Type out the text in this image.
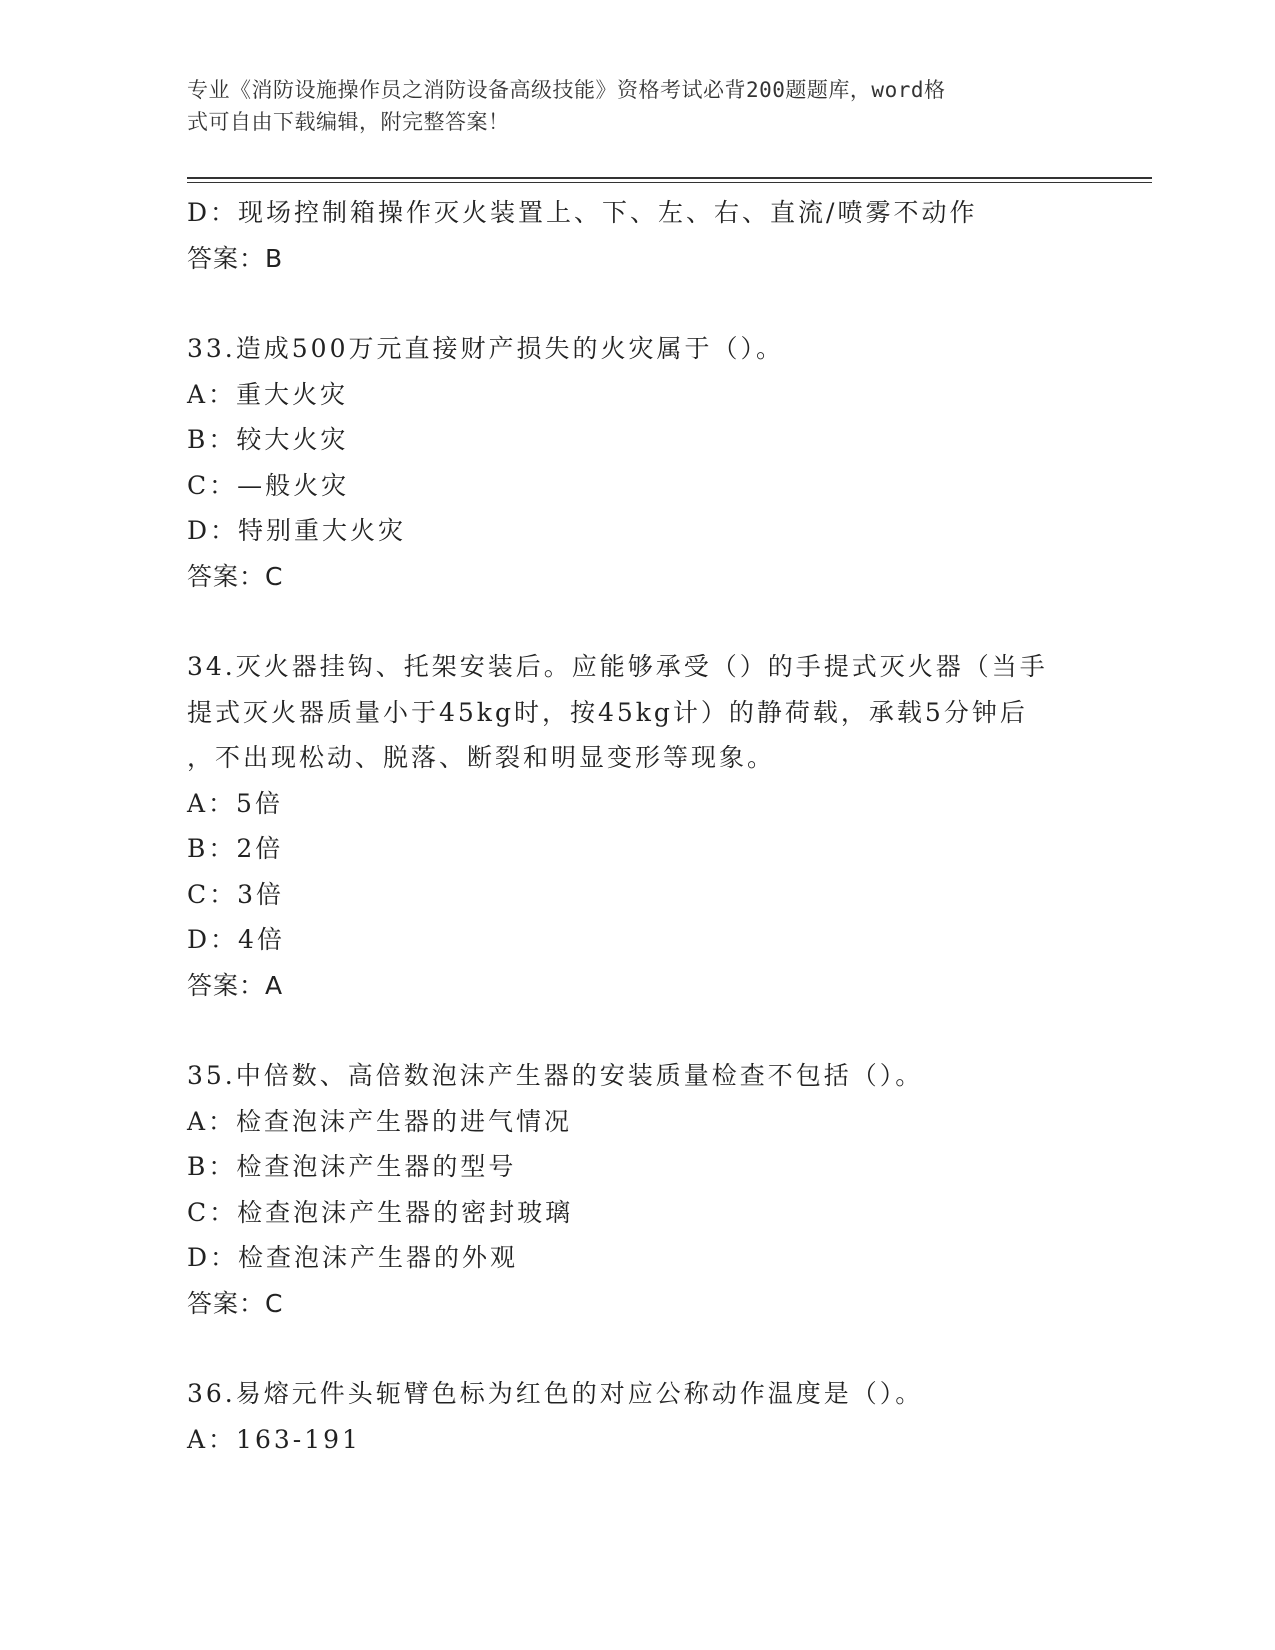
专业《消防设施操作员之消防设备高级技能》资格考试必背200题题库，word格
式可自由下载编辑，附完整答案！
D：现场控制箱操作灭火装置上、下、左、右、直流/喷雾不动作
答案：B
33.造成500万元直接财产损失的火灾属于（）。
A：重大火灾
B：较大火灾
C：—般火灾
D：特别重大火灾
答案：C
34.灭火器挂钩、托架安装后。应能够承受（）的手提式灭火器（当手
提式灭火器质量小于45kg时，按45kg计）的静荷载，承载5分钟后
，不出现松动、脱落、断裂和明显变形等现象。
A：5倍
B：2倍
C：3倍
D：4倍
答案：A
35.中倍数、高倍数泡沫产生器的安装质量检查不包括（）。
A：检查泡沫产生器的进气情况
B：检查泡沫产生器的型号
C：检查泡沫产生器的密封玻璃
D：检查泡沫产生器的外观
答案：C
36.易熔元件头轭臂色标为红色的对应公称动作温度是（）。
A：163-191
